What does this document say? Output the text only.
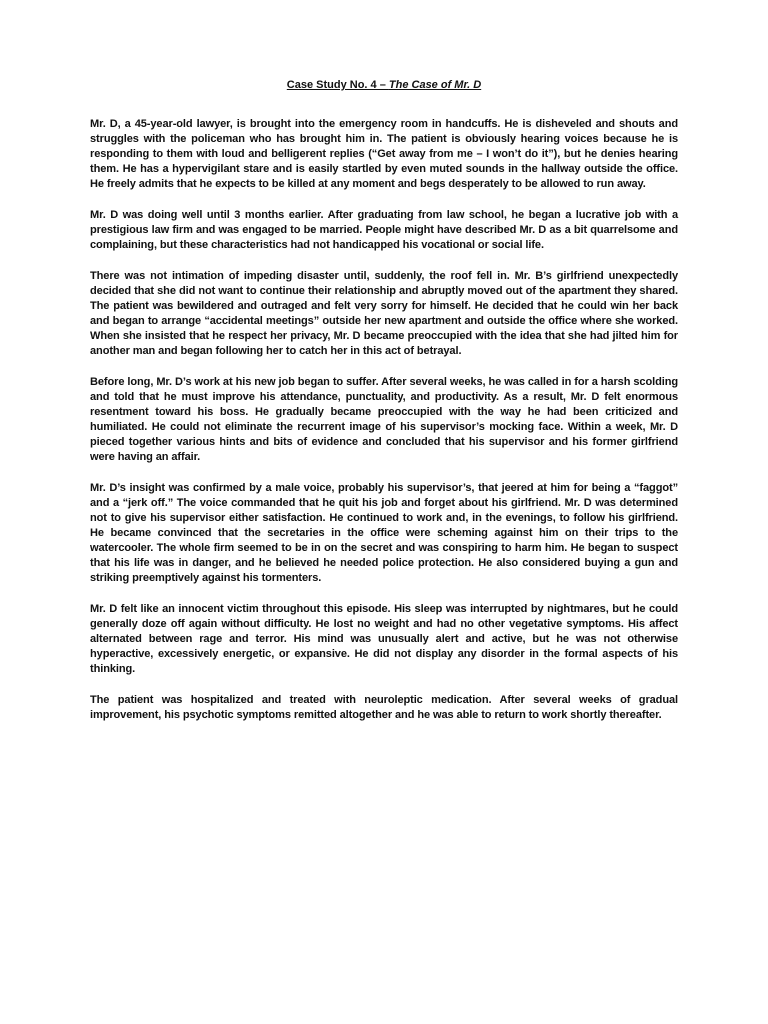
Case Study No. 4 – The Case of Mr. D

Mr. D, a 45-year-old lawyer, is brought into the emergency room in handcuffs. He is disheveled and shouts and struggles with the policeman who has brought him in. The patient is obviously hearing voices because he is responding to them with loud and belligerent replies (“Get away from me – I won’t do it”), but he denies hearing them. He has a hypervigilant stare and is easily startled by even muted sounds in the hallway outside the office. He freely admits that he expects to be killed at any moment and begs desperately to be allowed to run away.

Mr. D was doing well until 3 months earlier. After graduating from law school, he began a lucrative job with a prestigious law firm and was engaged to be married. People might have described Mr. D as a bit quarrelsome and complaining, but these characteristics had not handicapped his vocational or social life.

There was not intimation of impeding disaster until, suddenly, the roof fell in. Mr. B’s girlfriend unexpectedly decided that she did not want to continue their relationship and abruptly moved out of the apartment they shared. The patient was bewildered and outraged and felt very sorry for himself. He decided that he could win her back and began to arrange “accidental meetings” outside her new apartment and outside the office where she worked. When she insisted that he respect her privacy, Mr. D became preoccupied with the idea that she had jilted him for another man and began following her to catch her in this act of betrayal.

Before long, Mr. D’s work at his new job began to suffer. After several weeks, he was called in for a harsh scolding and told that he must improve his attendance, punctuality, and productivity. As a result, Mr. D felt enormous resentment toward his boss. He gradually became preoccupied with the way he had been criticized and humiliated. He could not eliminate the recurrent image of his supervisor’s mocking face. Within a week, Mr. D pieced together various hints and bits of evidence and concluded that his supervisor and his former girlfriend were having an affair.

Mr. D’s insight was confirmed by a male voice, probably his supervisor’s, that jeered at him for being a “faggot” and a “jerk off.” The voice commanded that he quit his job and forget about his girlfriend. Mr. D was determined not to give his supervisor either satisfaction. He continued to work and, in the evenings, to follow his girlfriend. He became convinced that the secretaries in the office were scheming against him on their trips to the watercooler. The whole firm seemed to be in on the secret and was conspiring to harm him. He began to suspect that his life was in danger, and he believed he needed police protection. He also considered buying a gun and striking preemptively against his tormenters.

Mr. D felt like an innocent victim throughout this episode. His sleep was interrupted by nightmares, but he could generally doze off again without difficulty. He lost no weight and had no other vegetative symptoms. His affect alternated between rage and terror. His mind was unusually alert and active, but he was not otherwise hyperactive, excessively energetic, or expansive. He did not display any disorder in the formal aspects of his thinking.

The patient was hospitalized and treated with neuroleptic medication. After several weeks of gradual improvement, his psychotic symptoms remitted altogether and he was able to return to work shortly thereafter.
